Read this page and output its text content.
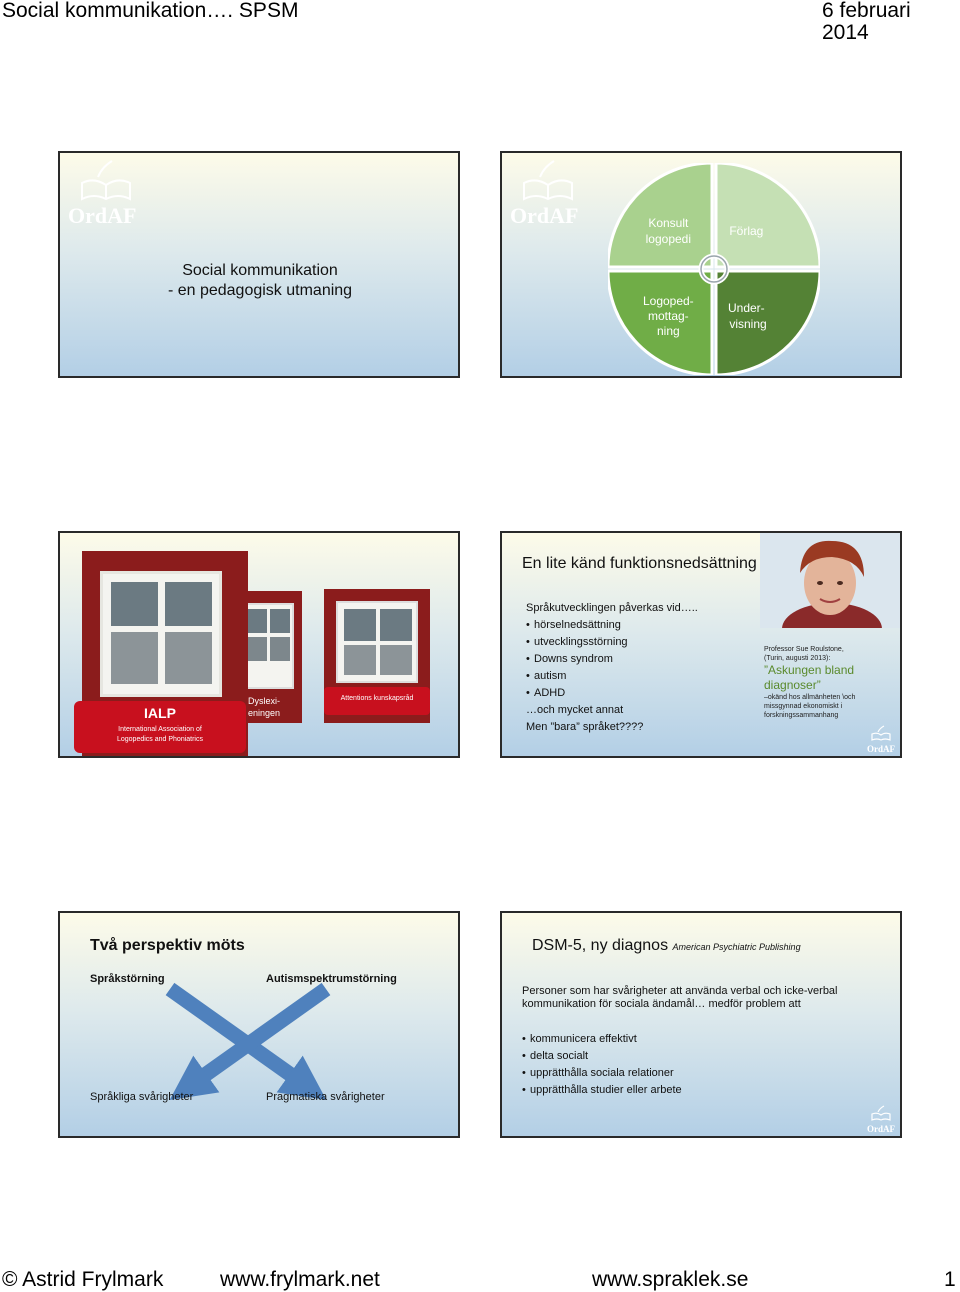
Social kommunikation…. SPSM	6 februari 2014
OrdAF
Social kommunikation
- en pedagogisk utmaning
OrdAF	Konsult logopedi Förlag Logoped- mottag- ning Under- visning
Attentions kunskapsråd
Dyslexi-
eningen
IALP
International Association of
Logopedics and Phoniatrics
En lite känd funktionsnedsättning
Språkutvecklingen påverkas vid…..
• hörselnedsättning
• utvecklingsstörning
• Downs syndrom
• autism
• ADHD
…och mycket annat
Men ”bara” språket????
Professor Sue Roulstone,
(Turin, augusti 2013):
”Askungen bland diagnoser”
–okänd hos allmänheten \och
missgynnad ekonomiskt i
forskningssammanhang
OrdAF
Två perspektiv möts
Språkstörning	Autismspektrumstörning
Språkliga svårigheter	Pragmatiska svårigheter
DSM-5, ny diagnos American Psychiatric Publishing
Personer som har svårigheter att använda verbal och icke-verbal
kommunikation för sociala ändamål… medför problem att
• kommunicera effektivt
• delta socialt
• upprätthålla sociala relationer
• upprätthålla studier eller arbete
OrdAF
© Astrid Frylmark	www.frylmark.net	www.spraklek.se	1
